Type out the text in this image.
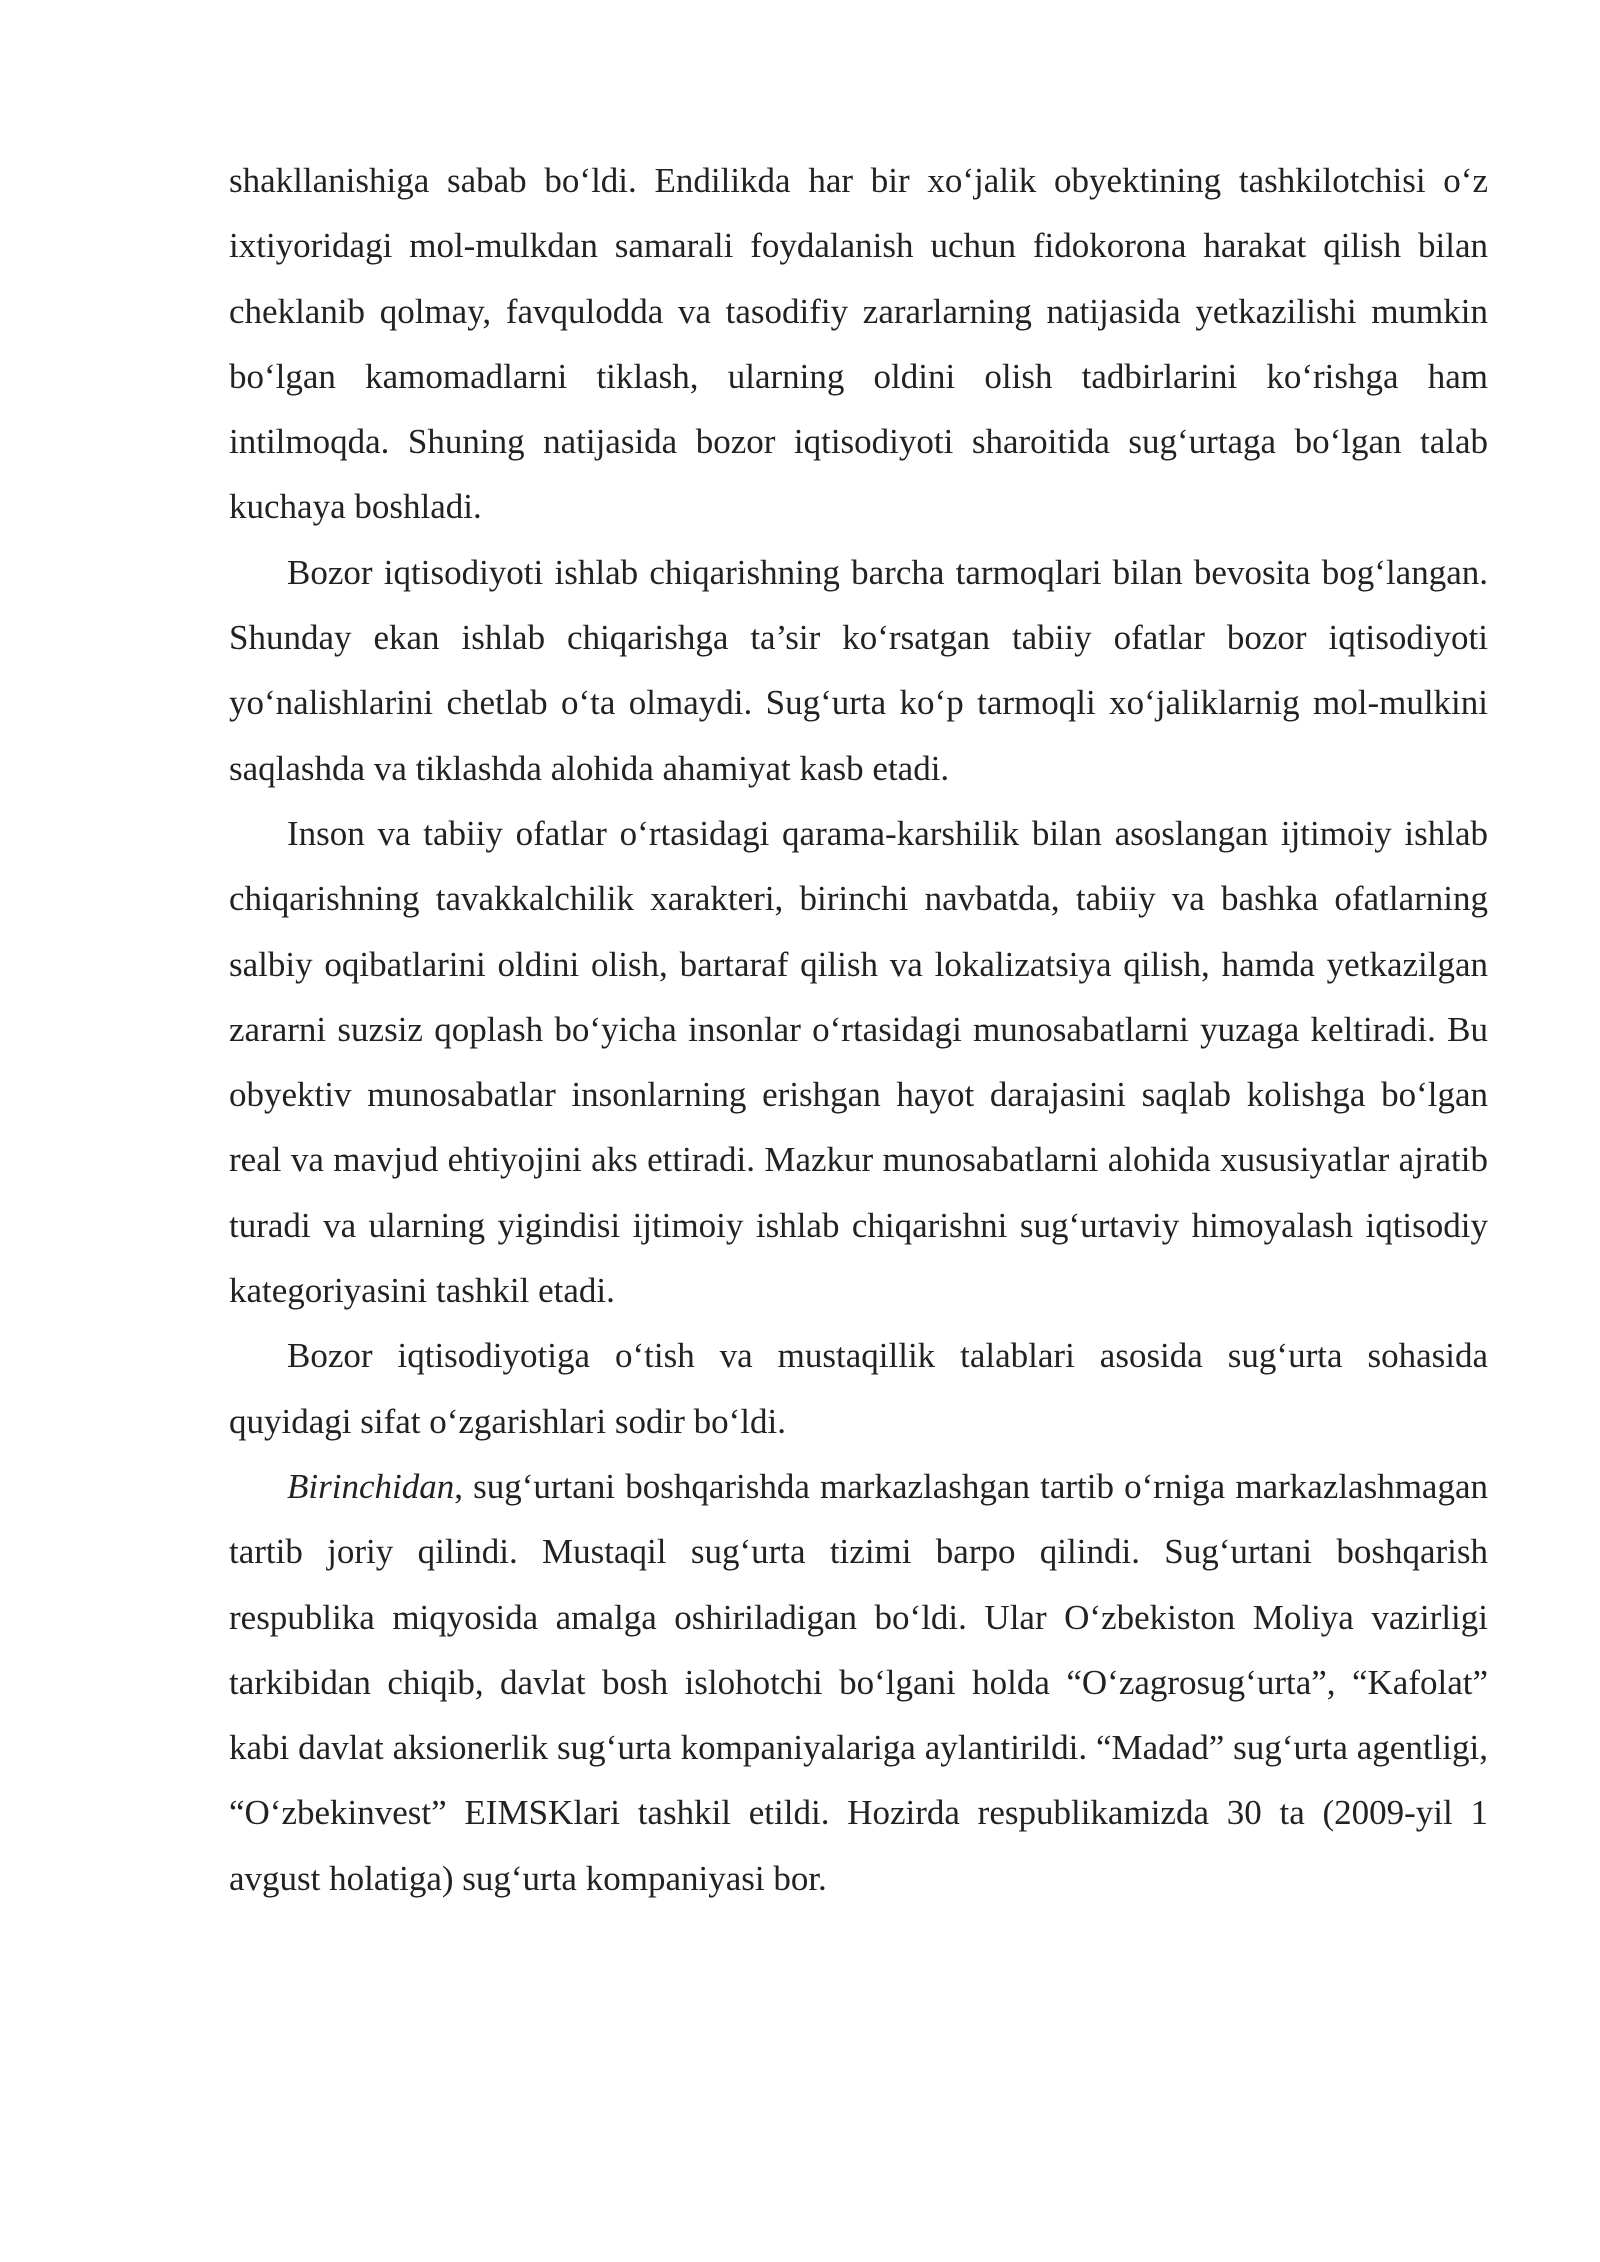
shakllanishiga sabab bo‘ldi. Endilikda har bir xo‘jalik obyektining tashkilotchisi o‘z ixtiyoridagi mol-mulkdan samarali foydalanish uchun fidokorona harakat qilish bilan cheklanib qolmay, favqulodda va tasodifiy zararlarning natijasida yetkazilishi mumkin bo‘lgan kamomadlarni tiklash, ularning oldini olish tadbirlarini ko‘rishga ham intilmoqda. Shuning natijasida bozor iqtisodiyoti sharoitida sug‘urtaga bo‘lgan talab kuchaya boshladi.

Bozor iqtisodiyoti ishlab chiqarishning barcha tarmoqlari bilan bevosita bog‘langan. Shunday ekan ishlab chiqarishga ta’sir ko‘rsatgan tabiiy ofatlar bozor iqtisodiyoti yo‘nalishlarini chetlab o‘ta olmaydi. Sug‘urta ko‘p tarmoqli xo‘jaliklarnig mol-mulkini saqlashda va tiklashda alohida ahamiyat kasb etadi.

Inson va tabiiy ofatlar o‘rtasidagi qarama-karshilik bilan asoslangan ijtimoiy ishlab chiqarishning tavakkalchilik xarakteri, birinchi navbatda, tabiiy va bashka ofatlarning salbiy oqibatlarini oldini olish, bartaraf qilish va lokalizatsiya qilish, hamda yetkazilgan zararni suzsiz qoplash bo‘yicha insonlar o‘rtasidagi munosabatlarni yuzaga keltiradi. Bu obyektiv munosabatlar insonlarning erishgan hayot darajasini saqlab kolishga bo‘lgan real va mavjud ehtiyojini aks ettiradi. Mazkur munosabatlarni alohida xususiyatlar ajratib turadi va ularning yigindisi ijtimoiy ishlab chiqarishni sug‘urtaviy himoyalash iqtisodiy kategoriyasini tashkil etadi.

Bozor iqtisodiyotiga o‘tish va mustaqillik talablari asosida sug‘urta sohasida quyidagi sifat o‘zgarishlari sodir bo‘ldi.

Birinchidan, sug‘urtani boshqarishda markazlashgan tartib o‘rniga markazlashmagan tartib joriy qilindi. Mustaqil sug‘urta tizimi barpo qilindi. Sug‘urtani boshqarish respublika miqyosida amalga oshiriladigan bo‘ldi. Ular O‘zbekiston Moliya vazirligi tarkibidan chiqib, davlat bosh islohotchi bo‘lgani holda “O‘zagrosug‘urta”, “Kafolat” kabi davlat aksionerlik sug‘urta kompaniyalariga aylantirildi. “Madad” sug‘urta agentligi, “O‘zbekinvest” EIMSKlari tashkil etildi. Hozirda respublikamizda 30 ta (2009-yil 1 avgust holatiga) sug‘urta kompaniyasi bor.
